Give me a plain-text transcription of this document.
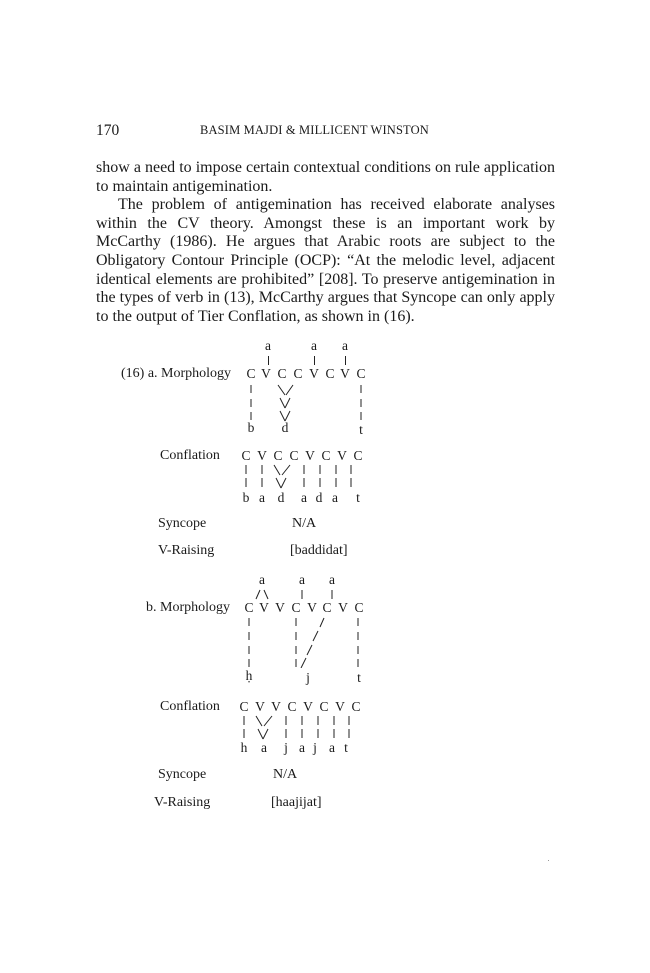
170	BASIM MAJDI & MILLICENT WINSTON

show a need to impose certain contextual conditions on rule application to maintain antigemination.

The problem of antigemination has received elaborate analyses within the CV theory. Amongst these is an important work by McCarthy (1986). He argues that Arabic roots are subject to the Obligatory Contour Principle (OCP): “At the melodic level, adjacent identical elements are prohibited” [208]. To preserve antigemination in the types of verb in (13), McCarthy argues that Syncope can only apply to the output of Tier Conflation, as shown in (16).

a	a a
(16) a. Morphology C V C C V C V C
b d	t
Conflation C V C C V C V C
b a d a d a	t
Syncope	N/A
V-Raising	[baddidat]
a	a a
b. Morphology C V V C V C V C
ḥ	j	t
Conflation C V V C V C V C
h a	j a j a t
Syncope	N/A
V-Raising	[haajijat]
